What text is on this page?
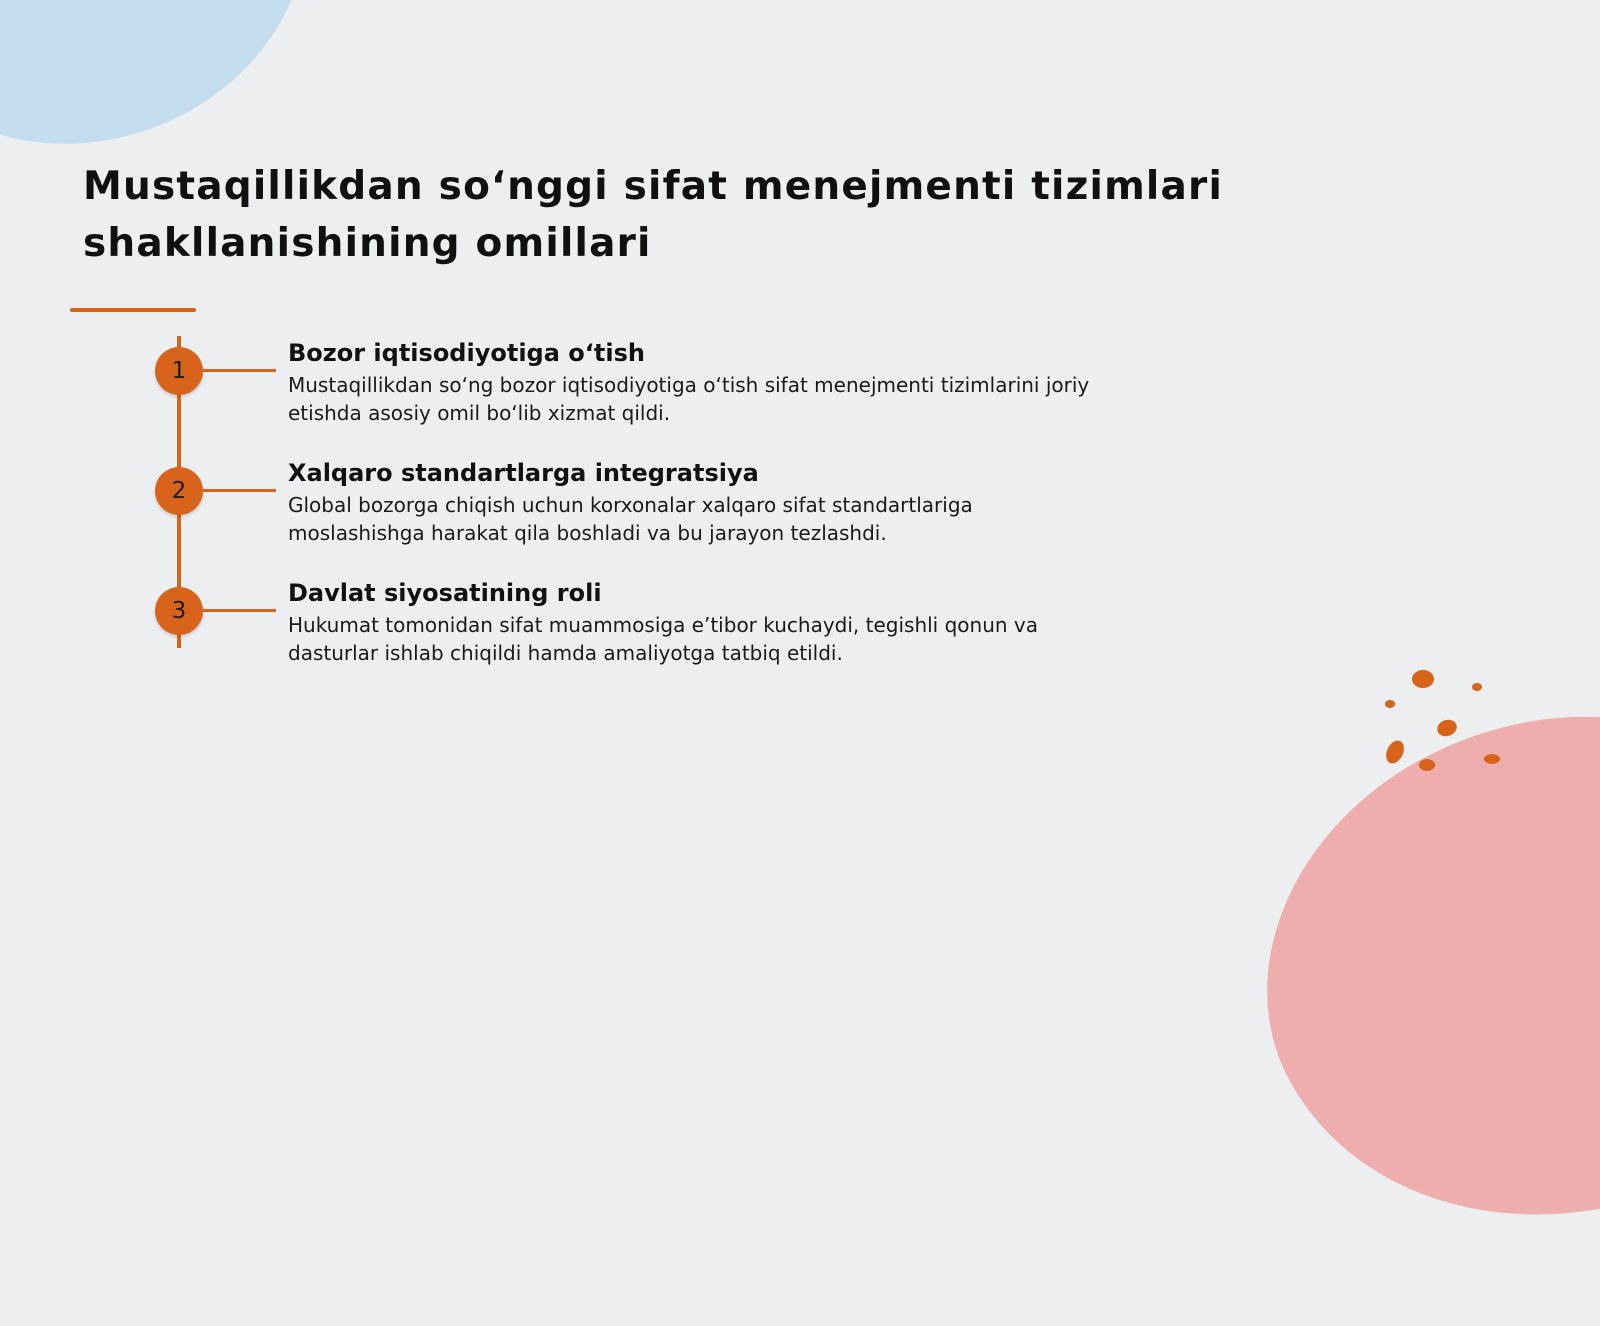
Mustaqillikdan so‘nggi sifat menejmenti tizimlari shakllanishining omillari
1
Bozor iqtisodiyotiga o‘tish

Mustaqillikdan so‘ng bozor iqtisodiyotiga o‘tish sifat menejmenti tizimlarini joriy etishda asosiy omil bo‘lib xizmat qildi.

2
Xalqaro standartlarga integratsiya

Global bozorga chiqish uchun korxonalar xalqaro sifat standartlariga moslashishga harakat qila boshladi va bu jarayon tezlashdi.

3
Davlat siyosatining roli

Hukumat tomonidan sifat muammosiga e’tibor kuchaydi, tegishli qonun va dasturlar ishlab chiqildi hamda amaliyotga tatbiq etildi.
